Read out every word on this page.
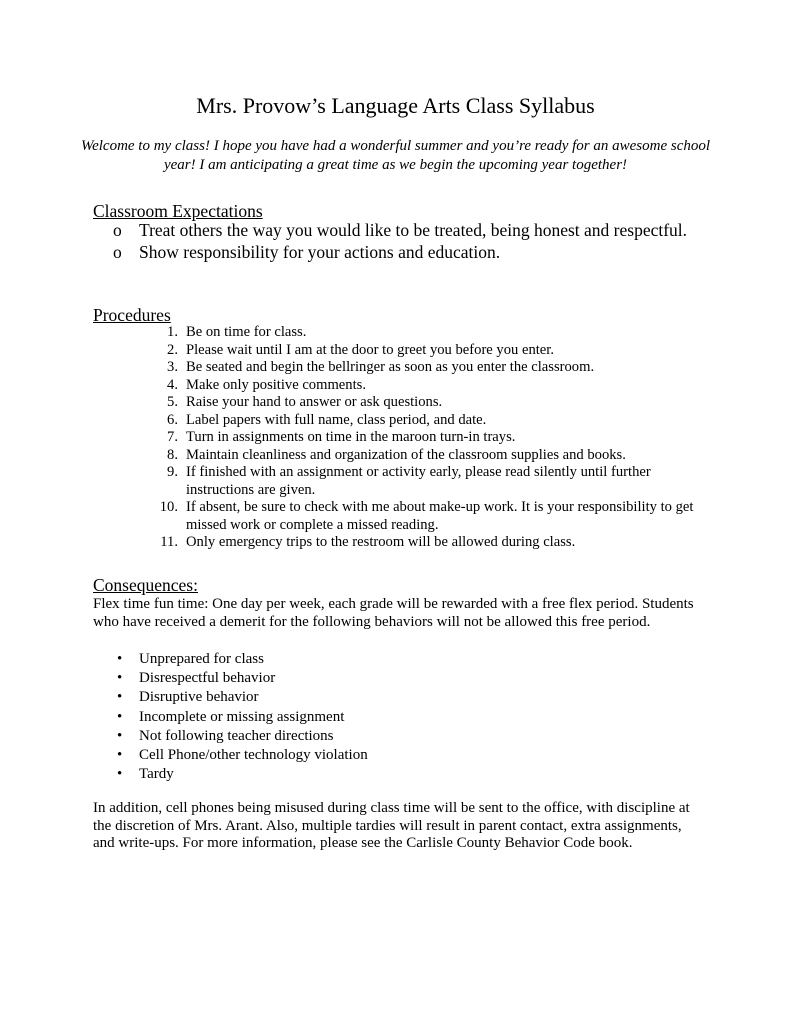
Mrs. Provow’s Language Arts Class Syllabus
Welcome to my class! I hope you have had a wonderful summer and you’re ready for an awesome school year! I am anticipating a great time as we begin the upcoming year together!
Classroom Expectations
o Treat others the way you would like to be treated, being honest and respectful.
o Show responsibility for your actions and education.
Procedures
1. Be on time for class.
2. Please wait until I am at the door to greet you before you enter.
3. Be seated and begin the bellringer as soon as you enter the classroom.
4. Make only positive comments.
5. Raise your hand to answer or ask questions.
6. Label papers with full name, class period, and date.
7. Turn in assignments on time in the maroon turn-in trays.
8. Maintain cleanliness and organization of the classroom supplies and books.
9. If finished with an assignment or activity early, please read silently until further instructions are given.
10. If absent, be sure to check with me about make-up work. It is your responsibility to get missed work or complete a missed reading.
11. Only emergency trips to the restroom will be allowed during class.
Consequences:

Flex time fun time: One day per week, each grade will be rewarded with a free flex period. Students who have received a demerit for the following behaviors will not be allowed this free period.

• Unprepared for class
• Disrespectful behavior
• Disruptive behavior
• Incomplete or missing assignment
• Not following teacher directions
• Cell Phone/other technology violation
• Tardy

In addition, cell phones being misused during class time will be sent to the office, with discipline at the discretion of Mrs. Arant. Also, multiple tardies will result in parent contact, extra assignments, and write-ups. For more information, please see the Carlisle County Behavior Code book.
